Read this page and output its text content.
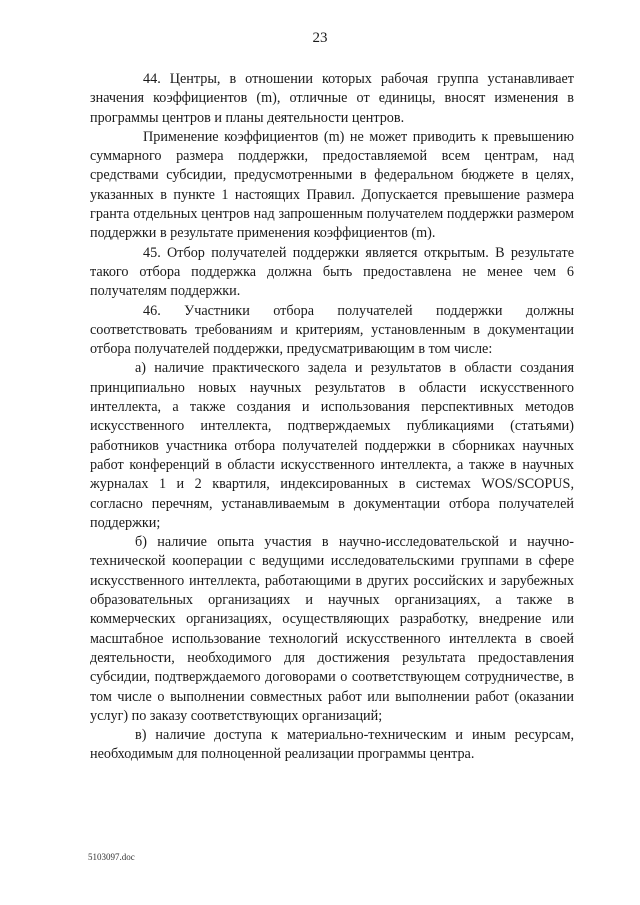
23

44. Центры, в отношении которых рабочая группа устанавливает значения коэффициентов (m), отличные от единицы, вносят изменения в программы центров и планы деятельности центров.

Применение коэффициентов (m) не может приводить к превышению суммарного размера поддержки, предоставляемой всем центрам, над средствами субсидии, предусмотренными в федеральном бюджете в целях, указанных в пункте 1 настоящих Правил. Допускается превышение размера гранта отдельных центров над запрошенным получателем поддержки размером поддержки в результате применения коэффициентов (m).

45. Отбор получателей поддержки является открытым. В результате такого отбора поддержка должна быть предоставлена не менее чем 6 получателям поддержки.

46. Участники отбора получателей поддержки должны соответствовать требованиям и критериям, установленным в документации отбора получателей поддержки, предусматривающим в том числе:

а) наличие практического задела и результатов в области создания принципиально новых научных результатов в области искусственного интеллекта, а также создания и использования перспективных методов искусственного интеллекта, подтверждаемых публикациями (статьями) работников участника отбора получателей поддержки в сборниках научных работ конференций в области искусственного интеллекта, а также в научных журналах 1 и 2 квартиля, индексированных в системах WOS/SCOPUS, согласно перечням, устанавливаемым в документации отбора получателей поддержки;

б) наличие опыта участия в научно-исследовательской и научно-технической кооперации с ведущими исследовательскими группами в сфере искусственного интеллекта, работающими в других российских и зарубежных образовательных организациях и научных организациях, а также в коммерческих организациях, осуществляющих разработку, внедрение или масштабное использование технологий искусственного интеллекта в своей деятельности, необходимого для достижения результата предоставления субсидии, подтверждаемого договорами о соответствующем сотрудничестве, в том числе о выполнении совместных работ или выполнении работ (оказании услуг) по заказу соответствующих организаций;

в) наличие доступа к материально-техническим и иным ресурсам, необходимым для полноценной реализации программы центра.

5103097.doc
